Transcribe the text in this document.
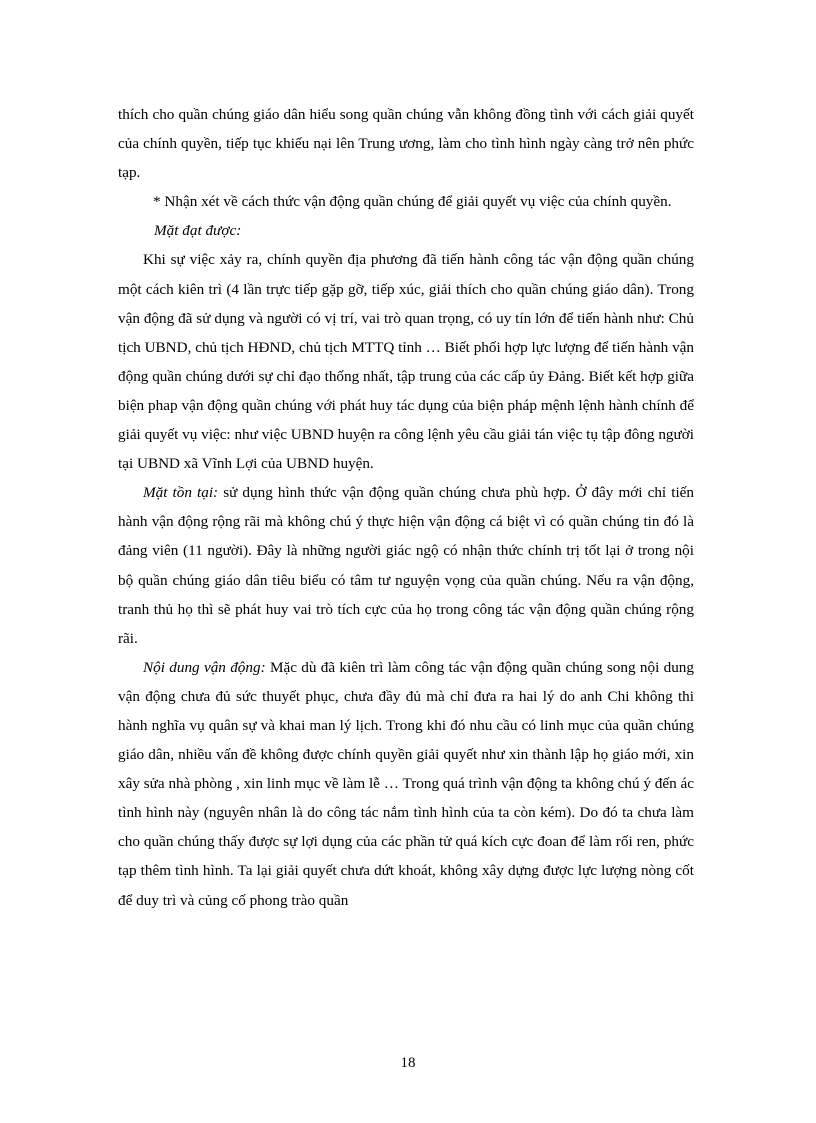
thích cho quần chúng giáo dân hiểu song quần chúng vẫn không đồng tình với cách giải quyết của chính quyền, tiếp tục khiếu nại lên Trung ương, làm cho tình hình ngày càng trở nên phức tạp.

* Nhận xét về cách thức vận động quần chúng để giải quyết vụ việc của chính quyền.

Mặt đạt được:

Khi sự việc xảy ra, chính quyền địa phương đã tiến hành công tác vận động quần chúng một cách kiên trì (4 lần trực tiếp gặp gỡ, tiếp xúc, giải thích cho quần chúng giáo dân). Trong vận động đã sử dụng và người có vị trí, vai trò quan trọng, có uy tín lớn để tiến hành như: Chủ tịch UBND, chủ tịch HĐND, chủ tịch MTTQ tỉnh … Biết phối hợp lực lượng để tiến hành vận động quần chúng dưới sự chỉ đạo thống nhất, tập trung của các cấp ủy Đảng. Biết kết hợp giữa biện phap vận động quần chúng với phát huy tác dụng của biện pháp mệnh lệnh hành chính để giải quyết vụ việc: như việc UBND huyện ra công lệnh yêu cầu giải tán việc tụ tập đông người tại UBND xã Vĩnh Lợi của UBND huyện.

Mặt tồn tại: sử dụng hình thức vận động quần chúng chưa phù hợp. Ở đây mới chỉ tiến hành vận động rộng rãi mà không chú ý thực hiện vận động cá biệt vì có quần chúng tin đó là đảng viên (11 người). Đây là những người giác ngộ có nhận thức chính trị tốt lại ở trong nội bộ quần chúng giáo dân tiêu biểu có tâm tư nguyện vọng của quần chúng. Nếu ra vận động, tranh thủ họ thì sẽ phát huy vai trò tích cực của họ trong công tác vận động quần chúng rộng rãi.

Nội dung vận động: Mặc dù đã kiên trì làm công tác vận động quần chúng song nội dung vận động chưa đủ sức thuyết phục, chưa đầy đủ mà chỉ đưa ra hai lý do anh Chi không thi hành nghĩa vụ quân sự và khai man lý lịch. Trong khi đó nhu cầu có linh mục của quần chúng giáo dân, nhiều vấn đề không được chính quyền giải quyết như xin thành lập họ giáo mới, xin xây sửa nhà phòng , xin linh mục về làm lễ … Trong quá trình vận động ta không chú ý đến ác tình hình này (nguyên nhân là do công tác nắm tình hình của ta còn kém). Do đó ta chưa làm cho quần chúng thấy được sự lợi dụng của các phần tử quá kích cực đoan để làm rối ren, phức tạp thêm tình hình. Ta lại giải quyết chưa dứt khoát, không xây dựng được lực lượng nòng cốt để duy trì và củng cố phong trào quần

18
